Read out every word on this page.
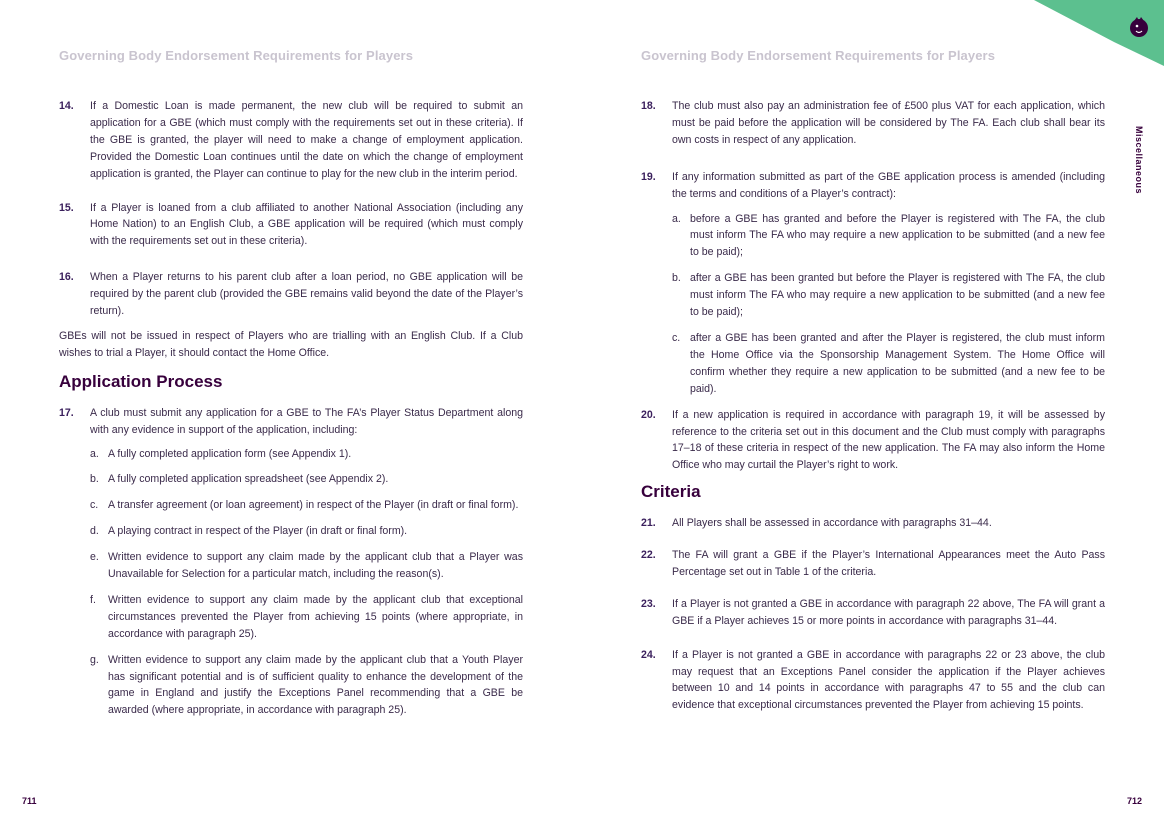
Governing Body Endorsement Requirements for Players
14. If a Domestic Loan is made permanent, the new club will be required to submit an application for a GBE (which must comply with the requirements set out in these criteria). If the GBE is granted, the player will need to make a change of employment application. Provided the Domestic Loan continues until the date on which the change of employment application is granted, the Player can continue to play for the new club in the interim period.
15. If a Player is loaned from a club affiliated to another National Association (including any Home Nation) to an English Club, a GBE application will be required (which must comply with the requirements set out in these criteria).
16. When a Player returns to his parent club after a loan period, no GBE application will be required by the parent club (provided the GBE remains valid beyond the date of the Player’s return).

GBEs will not be issued in respect of Players who are trialling with an English Club. If a Club wishes to trial a Player, it should contact the Home Office.

Application Process
17. A club must submit any application for a GBE to The FA’s Player Status Department along with any evidence in support of the application, including:
a. A fully completed application form (see Appendix 1).
b. A fully completed application spreadsheet (see Appendix 2).
c. A transfer agreement (or loan agreement) in respect of the Player (in draft or final form).
d. A playing contract in respect of the Player (in draft or final form).
e. Written evidence to support any claim made by the applicant club that a Player was Unavailable for Selection for a particular match, including the reason(s).
f. Written evidence to support any claim made by the applicant club that exceptional circumstances prevented the Player from achieving 15 points (where appropriate, in accordance with paragraph 25).
g. Written evidence to support any claim made by the applicant club that a Youth Player has significant potential and is of sufficient quality to enhance the development of the game in England and justify the Exceptions Panel recommending that a GBE be awarded (where appropriate, in accordance with paragraph 25).
711
Governing Body Endorsement Requirements for Players
Miscellaneous
18. The club must also pay an administration fee of £500 plus VAT for each application, which must be paid before the application will be considered by The FA. Each club shall bear its own costs in respect of any application.
19. If any information submitted as part of the GBE application process is amended (including the terms and conditions of a Player’s contract):
a. before a GBE has granted and before the Player is registered with The FA, the club must inform The FA who may require a new application to be submitted (and a new fee to be paid);
b. after a GBE has been granted but before the Player is registered with The FA, the club must inform The FA who may require a new application to be submitted (and a new fee to be paid);
c. after a GBE has been granted and after the Player is registered, the club must inform the Home Office via the Sponsorship Management System. The Home Office will confirm whether they require a new application to be submitted (and a new fee to be paid).
20. If a new application is required in accordance with paragraph 19, it will be assessed by reference to the criteria set out in this document and the Club must comply with paragraphs 17–18 of these criteria in respect of the new application. The FA may also inform the Home Office who may curtail the Player’s right to work.
Criteria
21. All Players shall be assessed in accordance with paragraphs 31–44.
22. The FA will grant a GBE if the Player’s International Appearances meet the Auto Pass Percentage set out in Table 1 of the criteria.
23. If a Player is not granted a GBE in accordance with paragraph 22 above, The FA will grant a GBE if a Player achieves 15 or more points in accordance with paragraphs 31–44.
24. If a Player is not granted a GBE in accordance with paragraphs 22 or 23 above, the club may request that an Exceptions Panel consider the application if the Player achieves between 10 and 14 points in accordance with paragraphs 47 to 55 and the club can evidence that exceptional circumstances prevented the Player from achieving 15 points.
712
